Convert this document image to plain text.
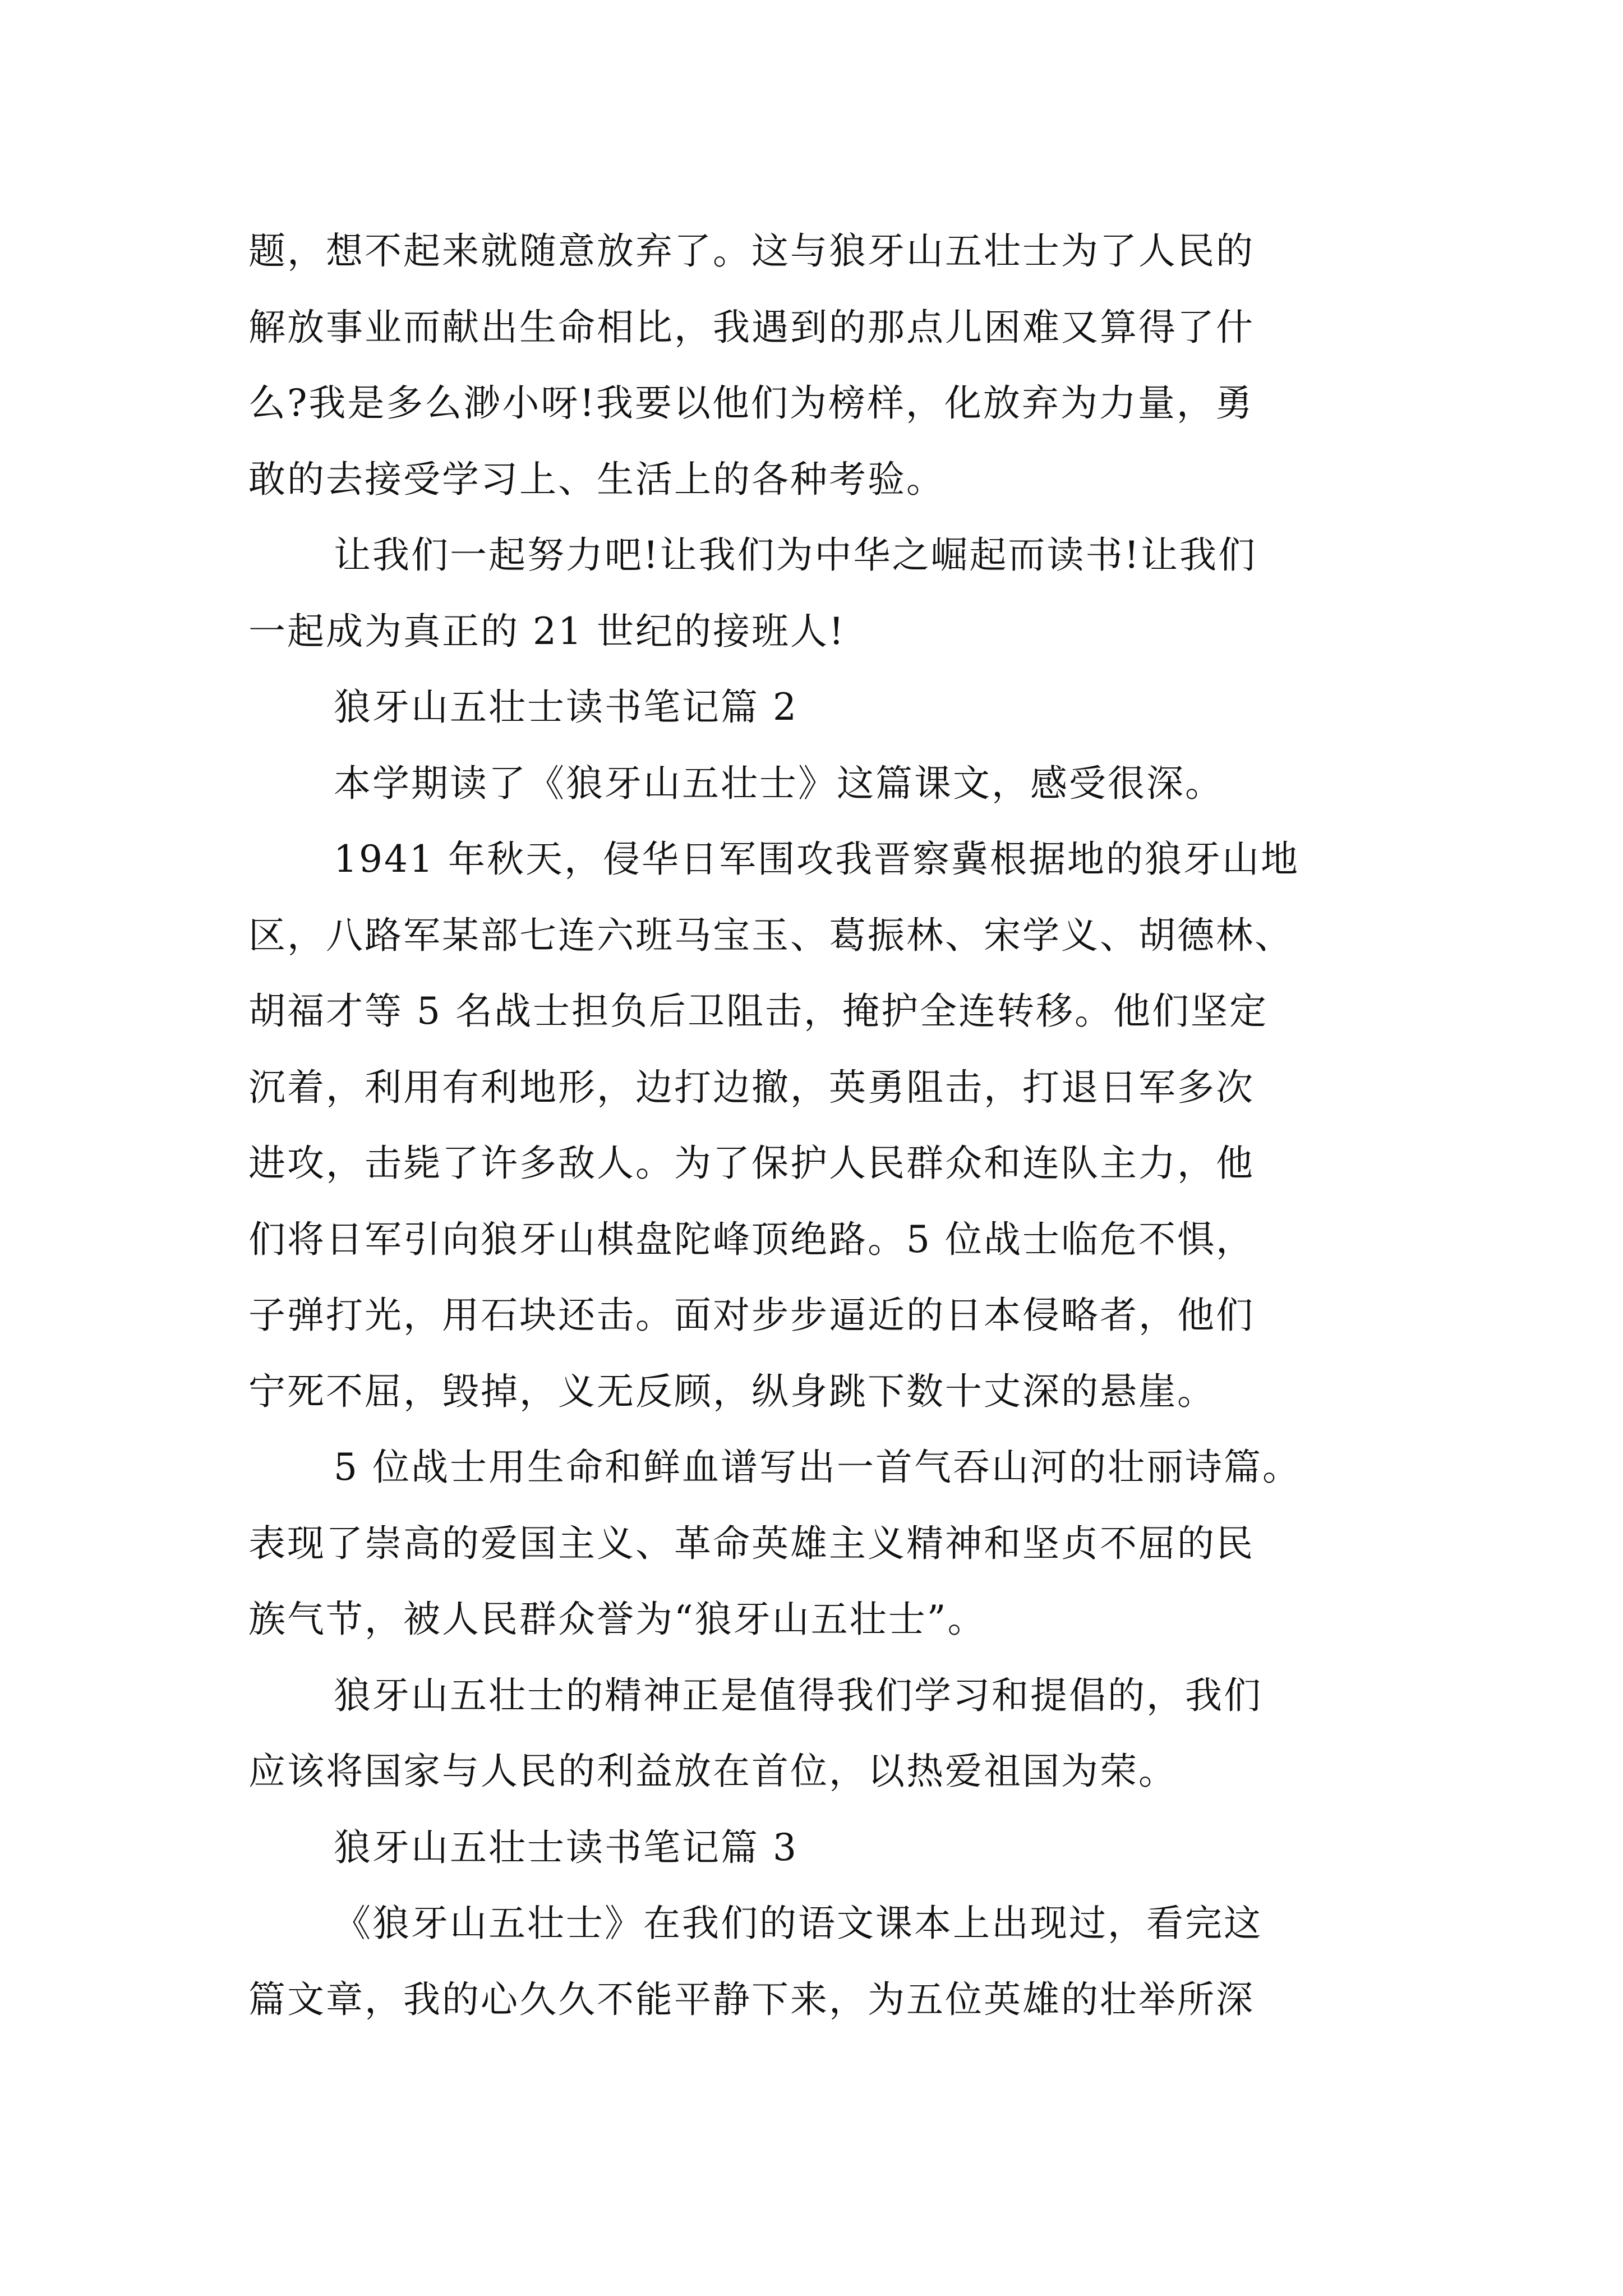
题，想不起来就随意放弃了。这与狼牙山五壮士为了人民的
解放事业而献出生命相比，我遇到的那点儿困难又算得了什
么?我是多么渺小呀!我要以他们为榜样，化放弃为力量，勇
敢的去接受学习上、生活上的各种考验。
让我们一起努力吧!让我们为中华之崛起而读书!让我们
一起成为真正的 21 世纪的接班人!
狼牙山五壮士读书笔记篇 2
本学期读了《狼牙山五壮士》这篇课文，感受很深。
1941 年秋天，侵华日军围攻我晋察冀根据地的狼牙山地
区，八路军某部七连六班马宝玉、葛振林、宋学义、胡德林、
胡福才等 5 名战士担负后卫阻击，掩护全连转移。他们坚定
沉着，利用有利地形，边打边撤，英勇阻击，打退日军多次
进攻，击毙了许多敌人。为了保护人民群众和连队主力，他
们将日军引向狼牙山棋盘陀峰顶绝路。5 位战士临危不惧，
子弹打光，用石块还击。面对步步逼近的日本侵略者，他们
宁死不屈，毁掉，义无反顾，纵身跳下数十丈深的悬崖。
5 位战士用生命和鲜血谱写出一首气吞山河的壮丽诗篇。
表现了崇高的爱国主义、革命英雄主义精神和坚贞不屈的民
族气节，被人民群众誉为“狼牙山五壮士”。
狼牙山五壮士的精神正是值得我们学习和提倡的，我们
应该将国家与人民的利益放在首位，以热爱祖国为荣。
狼牙山五壮士读书笔记篇 3
《狼牙山五壮士》在我们的语文课本上出现过，看完这
篇文章，我的心久久不能平静下来，为五位英雄的壮举所深
